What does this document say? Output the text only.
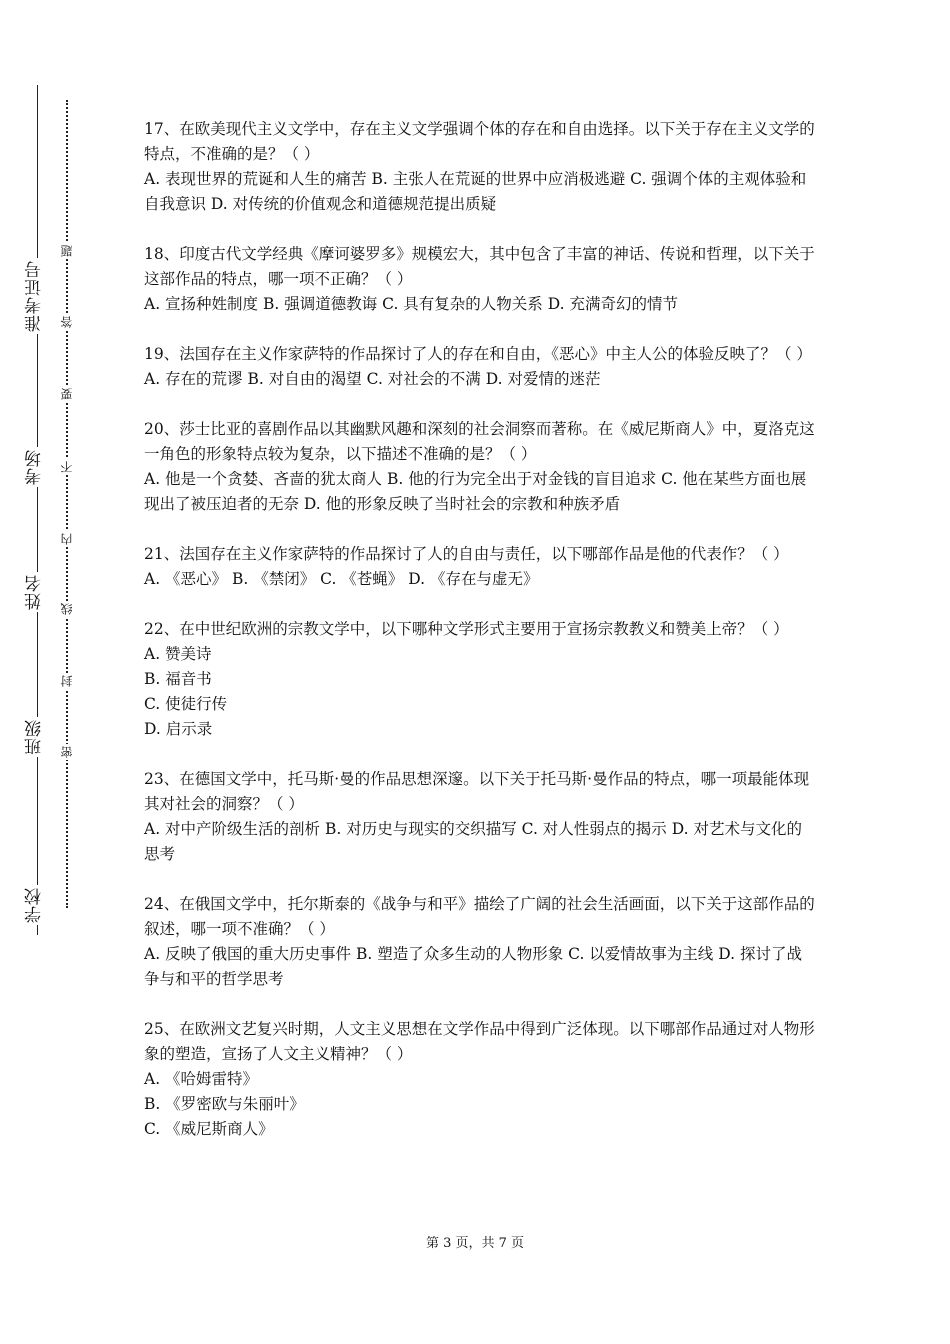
准考证号
考场
姓名
班级
学校
题
答
要
不
内
线
封
密

17、在欧美现代主义文学中，存在主义文学强调个体的存在和自由选择。以下关于存在主义文学的特点，不准确的是？（ ）

A. 表现世界的荒诞和人生的痛苦 B. 主张人在荒诞的世界中应消极逃避 C. 强调个体的主观体验和自我意识 D. 对传统的价值观念和道德规范提出质疑

18、印度古代文学经典《摩诃婆罗多》规模宏大，其中包含了丰富的神话、传说和哲理，以下关于这部作品的特点，哪一项不正确？（ ）

A. 宣扬种姓制度 B. 强调道德教诲 C. 具有复杂的人物关系 D. 充满奇幻的情节

19、法国存在主义作家萨特的作品探讨了人的存在和自由，《恶心》中主人公的体验反映了？（ ）

A. 存在的荒谬 B. 对自由的渴望 C. 对社会的不满 D. 对爱情的迷茫

20、莎士比亚的喜剧作品以其幽默风趣和深刻的社会洞察而著称。在《威尼斯商人》中，夏洛克这一角色的形象特点较为复杂，以下描述不准确的是？（ ）

A. 他是一个贪婪、吝啬的犹太商人 B. 他的行为完全出于对金钱的盲目追求 C. 他在某些方面也展现出了被压迫者的无奈 D. 他的形象反映了当时社会的宗教和种族矛盾

21、法国存在主义作家萨特的作品探讨了人的自由与责任，以下哪部作品是他的代表作？（ ）

A. 《恶心》 B. 《禁闭》 C. 《苍蝇》 D. 《存在与虚无》

22、在中世纪欧洲的宗教文学中，以下哪种文学形式主要用于宣扬宗教教义和赞美上帝？（ ）

A. 赞美诗

B. 福音书

C. 使徒行传

D. 启示录

23、在德国文学中，托马斯·曼的作品思想深邃。以下关于托马斯·曼作品的特点，哪一项最能体现其对社会的洞察？（ ）

A. 对中产阶级生活的剖析 B. 对历史与现实的交织描写 C. 对人性弱点的揭示 D. 对艺术与文化的思考

24、在俄国文学中，托尔斯泰的《战争与和平》描绘了广阔的社会生活画面，以下关于这部作品的叙述，哪一项不准确？（ ）

A. 反映了俄国的重大历史事件 B. 塑造了众多生动的人物形象 C. 以爱情故事为主线 D. 探讨了战争与和平的哲学思考

25、在欧洲文艺复兴时期，人文主义思想在文学作品中得到广泛体现。以下哪部作品通过对人物形象的塑造，宣扬了人文主义精神？（ ）

A. 《哈姆雷特》

B. 《罗密欧与朱丽叶》

C. 《威尼斯商人》

第 3 页，共 7 页
